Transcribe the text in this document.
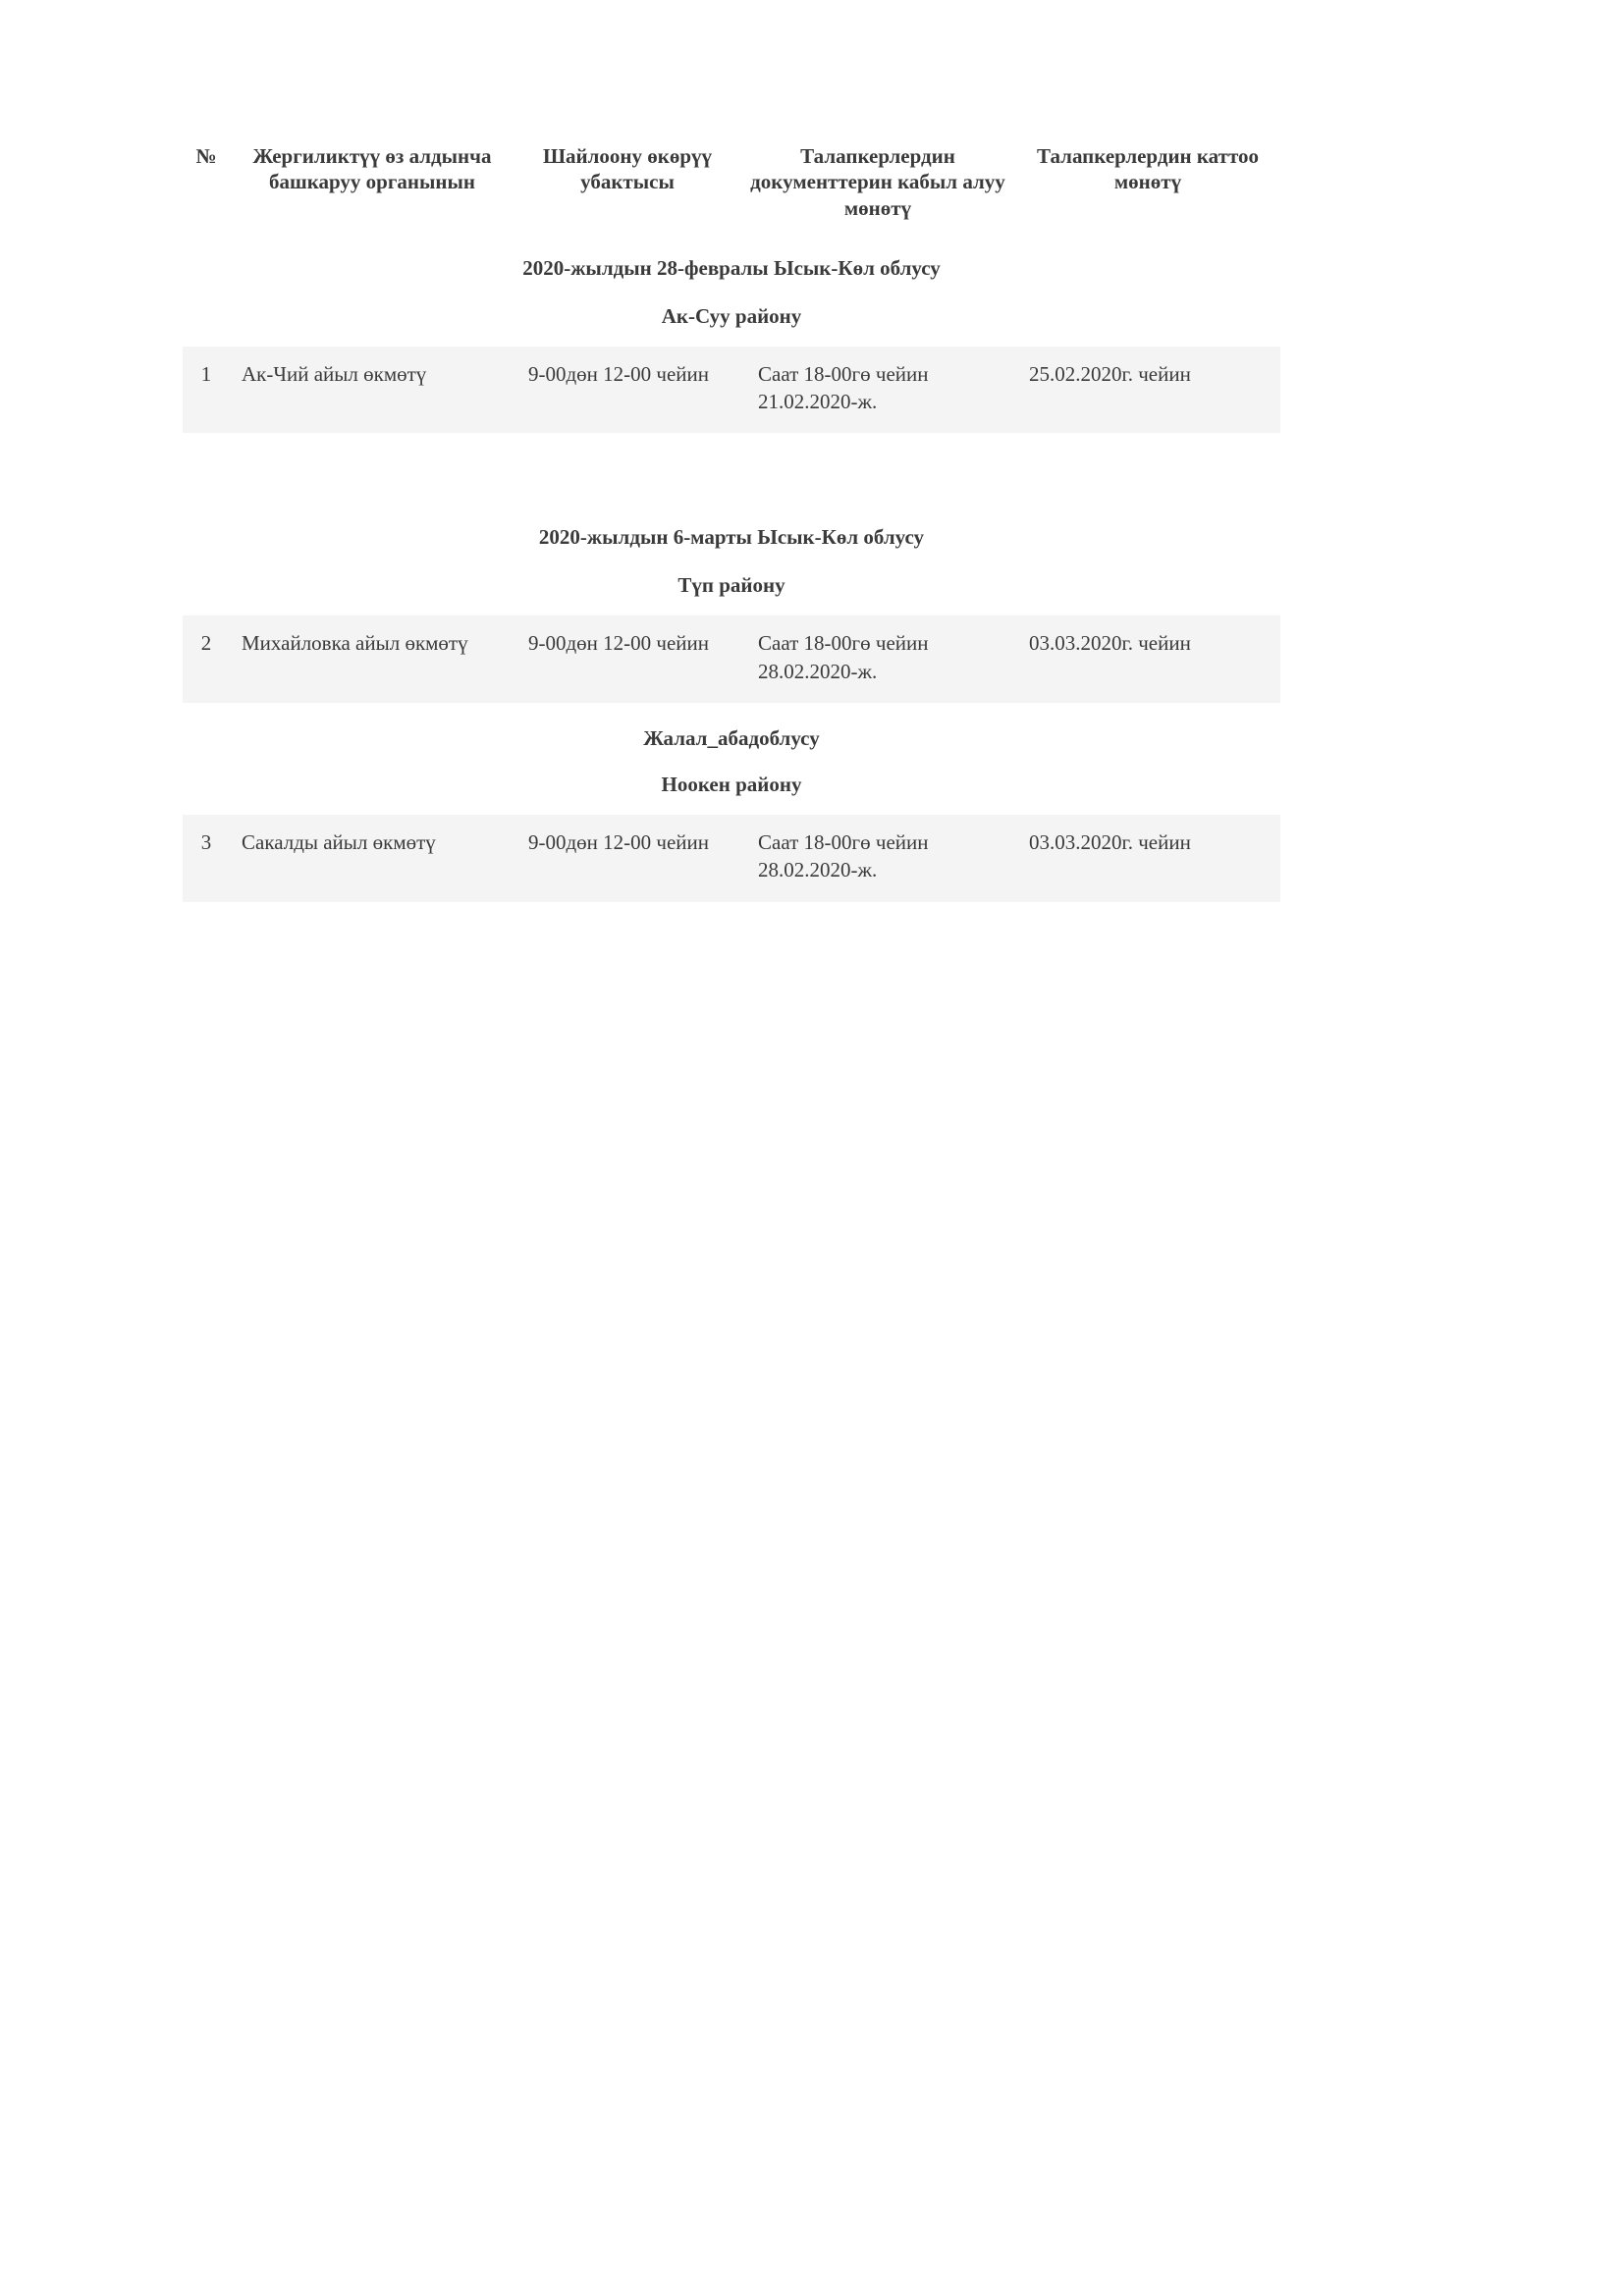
№	Жергиликтүү өз алдынча башкаруу органынын	Шайлоону өкөрүү убактысы	Талапкерлердин документтерин кабыл алуу мөнөтү	Талапкерлердин каттоо мөнөтү
2020-жылдын 28-февралы Ысык-Көл облусу				
Ак-Суу району				
1	Ак-Чий айыл өкмөтү	9-00дөн 12-00 чейин	Саат 18-00гө чейин 21.02.2020-ж.	25.02.2020г. чейин

2020-жылдын 6-марты Ысык-Көл облусу				
Түп району				
2	Михайловка айыл өкмөтү	9-00дөн 12-00 чейин	Саат 18-00гө чейин 28.02.2020-ж.	03.03.2020г. чейин

Жалал_абадоблусу				
Ноокен району				
3	Сакалды айыл өкмөтү	9-00дөн 12-00 чейин	Саат 18-00гө чейин 28.02.2020-ж.	03.03.2020г. чейин
